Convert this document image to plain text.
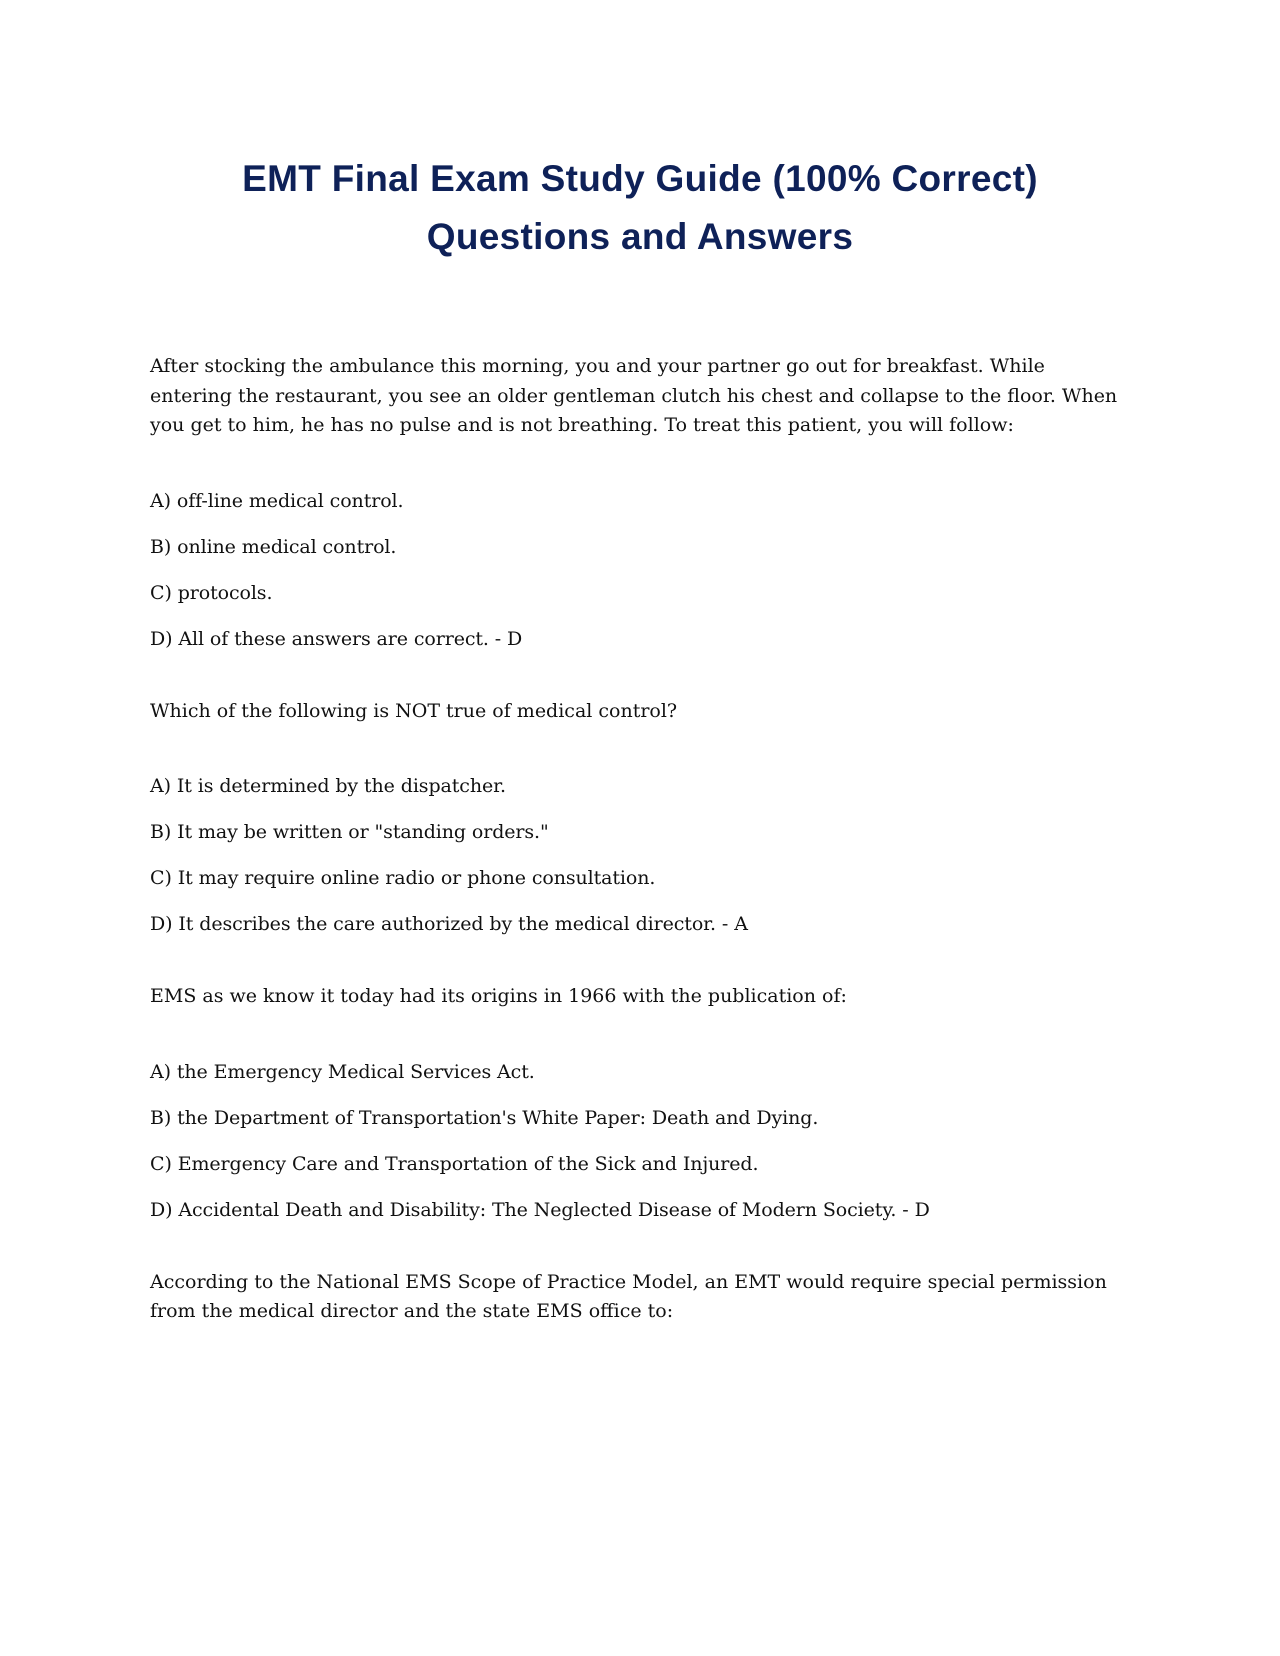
EMT Final Exam Study Guide (100% Correct)
Questions and Answers

After stocking the ambulance this morning, you and your partner go out for breakfast. While entering the restaurant, you see an older gentleman clutch his chest and collapse to the floor. When you get to him, he has no pulse and is not breathing. To treat this patient, you will follow:

A) off-line medical control.
B) online medical control.
C) protocols.
D) All of these answers are correct. - D

Which of the following is NOT true of medical control?

A) It is determined by the dispatcher.
B) It may be written or "standing orders."
C) It may require online radio or phone consultation.
D) It describes the care authorized by the medical director. - A

EMS as we know it today had its origins in 1966 with the publication of:

A) the Emergency Medical Services Act.
B) the Department of Transportation's White Paper: Death and Dying.
C) Emergency Care and Transportation of the Sick and Injured.
D) Accidental Death and Disability: The Neglected Disease of Modern Society. - D

According to the National EMS Scope of Practice Model, an EMT would require special permission from the medical director and the state EMS office to:
